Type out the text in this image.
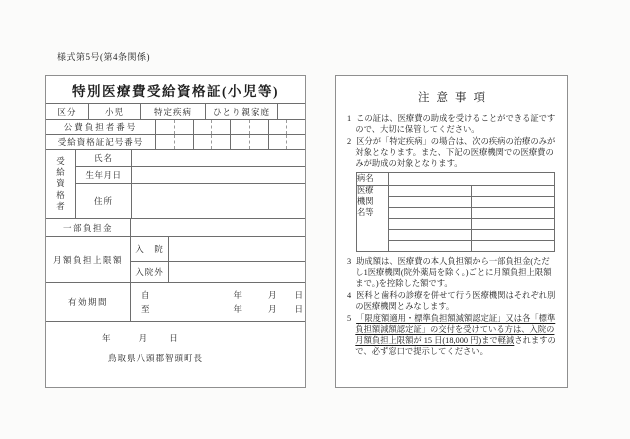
様式第5号(第4条関係)
特別医療費受給資格証(小児等)
区分	小児	特定疾病	ひとり親家庭
公費負担者番号
受給資格証記号番号
受給資格者
氏名
生年月日
住所
一部負担金
月額負担上限額
入　院
入院外
有効期間
自	年	月 日
至	年	月 日
年	月	日
鳥取県八頭郡智頭町長
注意事項

1 この証は、医療費の助成を受けることができる証ですので、大切に保管してください。

2 区分が「特定疾病」の場合は、次の疾病の治療のみが対象となります。また、下記の医療機関での医療費のみが助成の対象となります。

病名		

医療機関名等		

3 助成額は、医療費の本人負担額から一部負担金(ただし1医療機関(院外薬局を除く。)ごとに月額負担上限額まで。)を控除した額です。

4 医科と歯科の診療を併せて行う医療機関はそれぞれ別の医療機関とみなします。

5 「限度額適用・標準負担額減額認定証」又は各「標準負担額減額認定証」の交付を受けている方は、入院の月額負担上限額が 15 日(18,000 円)まで軽減されますので、必ず窓口で提示してください。
